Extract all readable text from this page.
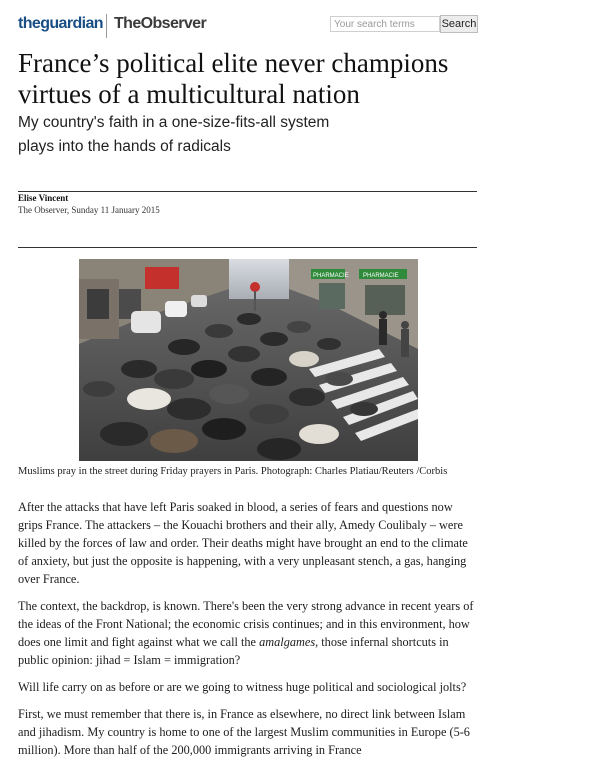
theguardian TheObserver
Your search terms	Search
France’s political elite never champions virtues of a multicultural nation

My country's faith in a one-size-fits-all system plays into the hands of radicals

Elise Vincent
The Observer, Sunday 11 January 2015
PHARMACIE PHARMACIE

Muslims pray in the street during Friday prayers in Paris. Photograph: Charles Platiau/Reuters /Corbis

After the attacks that have left Paris soaked in blood, a series of fears and questions now grips France. The attackers – the Kouachi brothers and their ally, Amedy Coulibaly – were killed by the forces of law and order. Their deaths might have brought an end to the climate of anxiety, but just the opposite is happening, with a very unpleasant stench, a gas, hanging over France.

The context, the backdrop, is known. There's been the very strong advance in recent years of the ideas of the Front National; the economic crisis continues; and in this environment, how does one limit and fight against what we call the amalgames, those infernal shortcuts in public opinion: jihad = Islam = immigration?

Will life carry on as before or are we going to witness huge political and sociological jolts?

First, we must remember that there is, in France as elsewhere, no direct link between Islam and jihadism. My country is home to one of the largest Muslim communities in Europe (5-6 million). More than half of the 200,000 immigrants arriving in France
